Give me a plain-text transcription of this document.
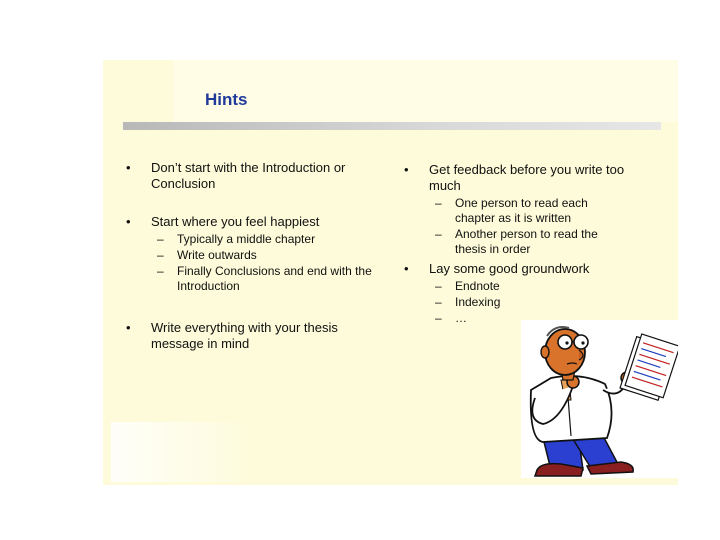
Hints
• Don’t start with the Introduction or Conclusion
• Start where you feel happiest
– Typically a middle chapter
– Write outwards
– Finally Conclusions and end with the Introduction
• Write everything with your thesis message in mind
• Get feedback before you write too much
– One person to read each chapter as it is written
– Another person to read the thesis in order
• Lay some good groundwork
– Endnote
– Indexing
– …
